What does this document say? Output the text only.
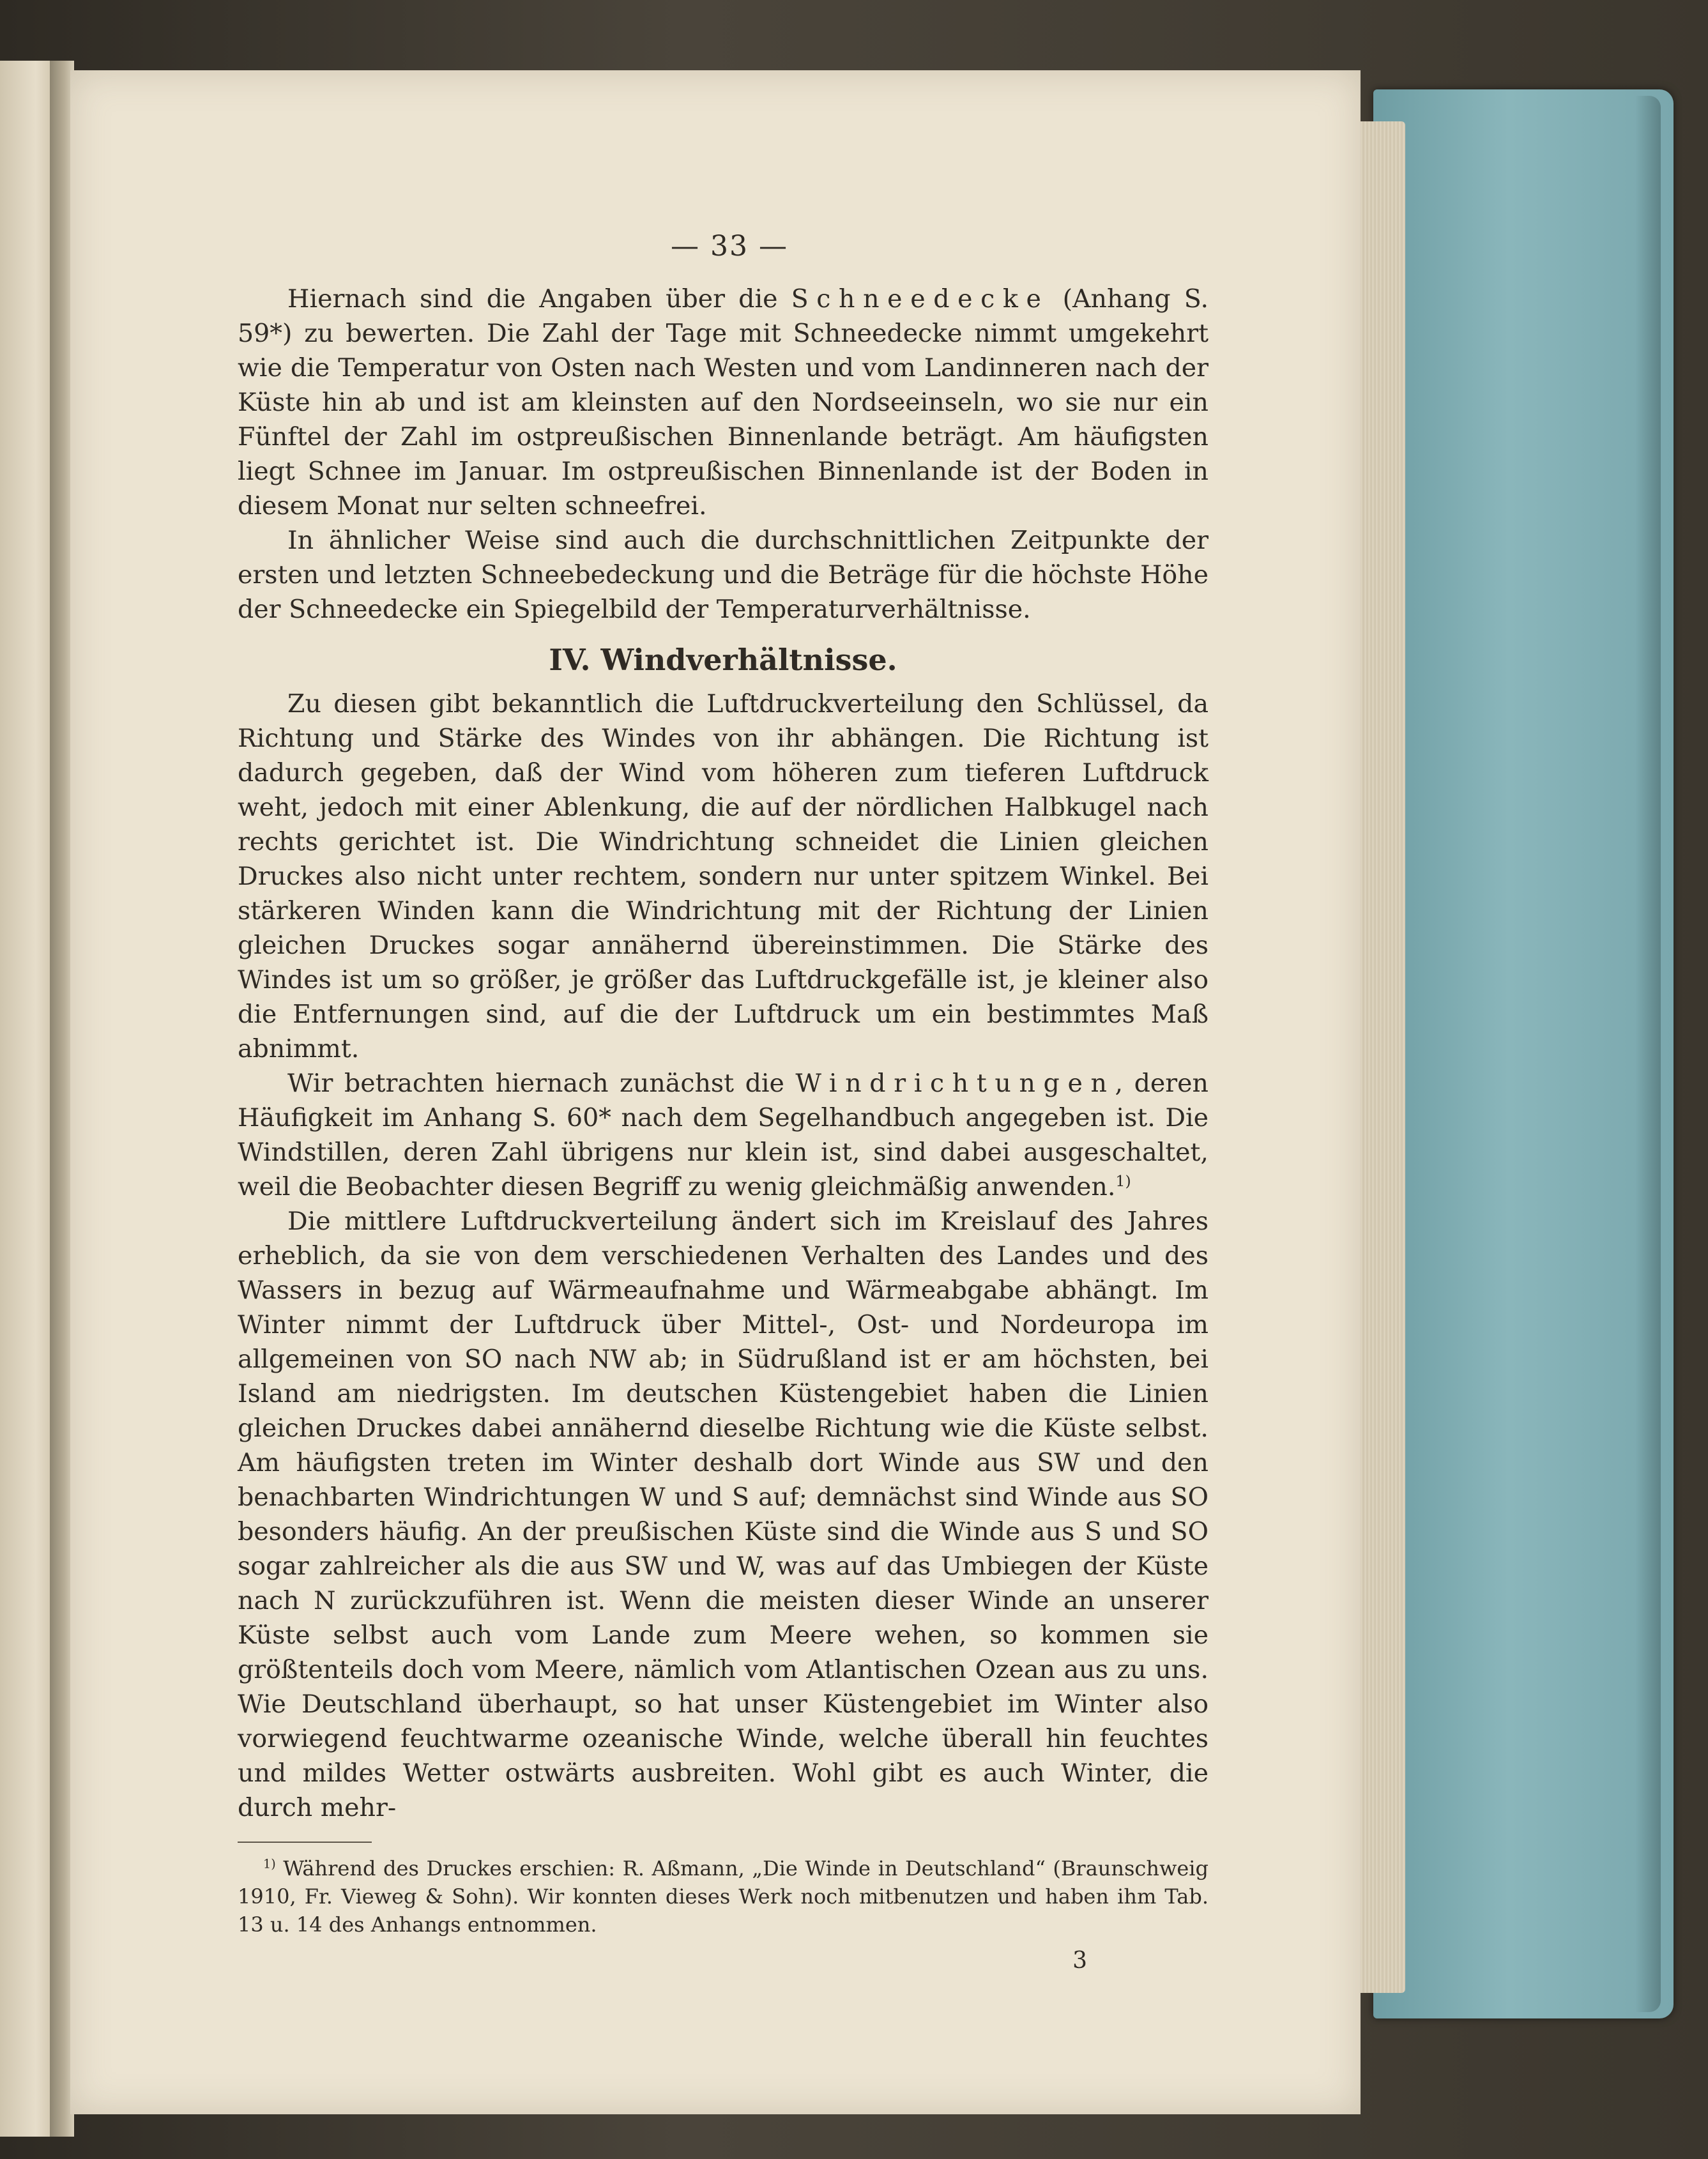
— 33 —

Hiernach sind die Angaben über die Schneedecke (Anhang S. 59*) zu bewerten. Die Zahl der Tage mit Schneedecke nimmt umgekehrt wie die Temperatur von Osten nach Westen und vom Landinneren nach der Küste hin ab und ist am kleinsten auf den Nordseeinseln, wo sie nur ein Fünftel der Zahl im ostpreußischen Binnenlande beträgt. Am häufigsten liegt Schnee im Januar. Im ostpreußischen Binnenlande ist der Boden in diesem Monat nur selten schneefrei.

In ähnlicher Weise sind auch die durchschnittlichen Zeitpunkte der ersten und letzten Schneebedeckung und die Beträge für die höchste Höhe der Schneedecke ein Spiegelbild der Temperaturverhältnisse.

IV. Windverhältnisse.

Zu diesen gibt bekanntlich die Luftdruckverteilung den Schlüssel, da Richtung und Stärke des Windes von ihr abhängen. Die Richtung ist dadurch gegeben, daß der Wind vom höheren zum tieferen Luftdruck weht, jedoch mit einer Ablenkung, die auf der nördlichen Halbkugel nach rechts gerichtet ist. Die Windrichtung schneidet die Linien gleichen Druckes also nicht unter rechtem, sondern nur unter spitzem Winkel. Bei stärkeren Winden kann die Windrichtung mit der Richtung der Linien gleichen Druckes sogar annähernd übereinstimmen. Die Stärke des Windes ist um so größer, je größer das Luftdruckgefälle ist, je kleiner also die Entfernungen sind, auf die der Luftdruck um ein bestimmtes Maß abnimmt.

Wir betrachten hiernach zunächst die Windrichtungen, deren Häufigkeit im Anhang S. 60* nach dem Segelhandbuch angegeben ist. Die Windstillen, deren Zahl übrigens nur klein ist, sind dabei ausgeschaltet, weil die Beobachter diesen Begriff zu wenig gleichmäßig anwenden.$^{1)}$

Die mittlere Luftdruckverteilung ändert sich im Kreislauf des Jahres erheblich, da sie von dem verschiedenen Verhalten des Landes und des Wassers in bezug auf Wärmeaufnahme und Wärmeabgabe abhängt. Im Winter nimmt der Luftdruck über Mittel-, Ost- und Nordeuropa im allgemeinen von SO nach NW ab; in Südrußland ist er am höchsten, bei Island am niedrigsten. Im deutschen Küstengebiet haben die Linien gleichen Druckes dabei annähernd dieselbe Richtung wie die Küste selbst. Am häufigsten treten im Winter deshalb dort Winde aus SW und den benachbarten Windrichtungen W und S auf; demnächst sind Winde aus SO besonders häufig. An der preußischen Küste sind die Winde aus S und SO sogar zahlreicher als die aus SW und W, was auf das Umbiegen der Küste nach N zurückzuführen ist. Wenn die meisten dieser Winde an unserer Küste selbst auch vom Lande zum Meere wehen, so kommen sie größtenteils doch vom Meere, nämlich vom Atlantischen Ozean aus zu uns. Wie Deutschland überhaupt, so hat unser Küstengebiet im Winter also vorwiegend feuchtwarme ozeanische Winde, welche überall hin feuchtes und mildes Wetter ostwärts ausbreiten. Wohl gibt es auch Winter, die durch mehr-

$^{1)}$ Während des Druckes erschien: R. Aßmann, „Die Winde in Deutschland“ (Braunschweig 1910, Fr. Vieweg & Sohn). Wir konnten dieses Werk noch mitbenutzen und haben ihm Tab. 13 u. 14 des Anhangs entnommen.

3
